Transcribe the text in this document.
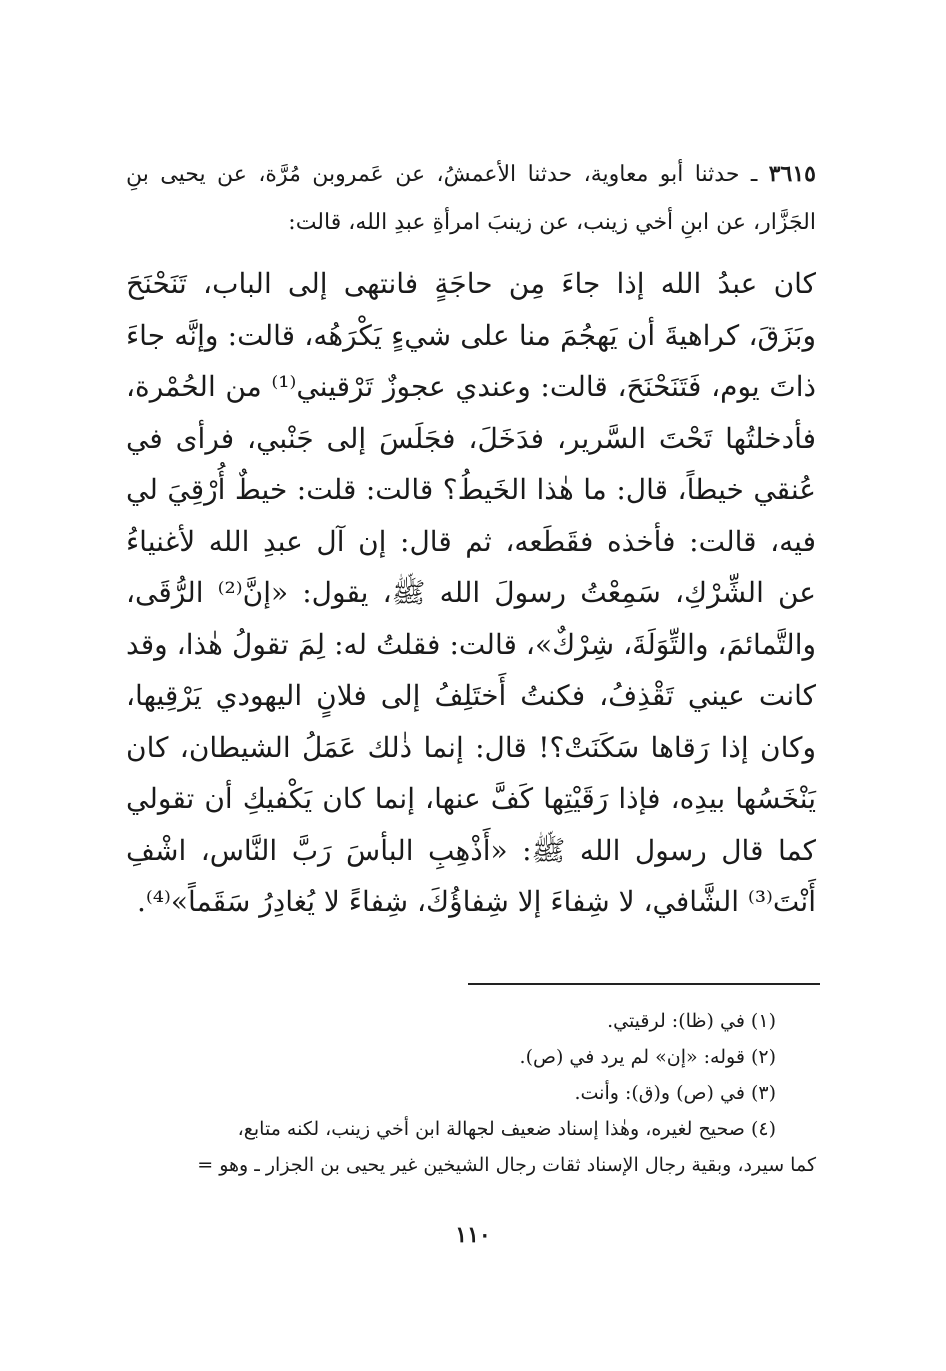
٣٦١٥ ـ حدثنا أبو معاوية، حدثنا الأعمشُ، عن عَمروبن مُرَّة، عن يحيى بنِ الجَزَّار، عن ابنِ أخي زينب، عن زينبَ امرأةِ عبدِ الله، قالت:

كان عبدُ الله إذا جاءَ مِن حاجَةٍ فانتهى إلى الباب، تَنَحْنَحَ وبَزَقَ، كراهيةَ أن يَهجُمَ منا على شيءٍ يَكْرَهُه، قالت: وإنَّه جاءَ ذاتَ يوم، فَتَنَحْنَحَ، قالت: وعندي عجوزٌ تَرْقيني⁽¹⁾ من الحُمْرة، فأدخلتُها تَحْتَ السَّرير، فدَخَلَ، فجَلَسَ إلى جَنْبي، فرأى في عُنقي خيطاً، قال: ما هٰذا الخَيطُ؟ قالت: قلت: خيطٌ أُرْقِيَ لي فيه، قالت: فأخذه فقَطَعه، ثم قال: إن آل عبدِ الله لأغنياءُ عن الشِّرْكِ، سَمِعْتُ رسولَ الله ﷺ، يقول: «إنَّ⁽²⁾ الرُّقَى، والتَّمائمَ، والتِّوَلَةَ، شِرْكٌ»، قالت: فقلتُ له: لِمَ تقولُ هٰذا، وقد كانت عيني تَقْذِفُ، فكنتُ أَختَلِفُ إلى فلانٍ اليهودي يَرْقِيها، وكان إذا رَقاها سَكَنَتْ؟! قال: إنما ذٰلك عَمَلُ الشيطان، كان يَنْخَسُها بيدِه، فإذا رَقَيْتِها كَفَّ عنها، إنما كان يَكْفيكِ أن تقولي كما قال رسول الله ﷺ: «أَذْهِبِ البأسَ رَبَّ النَّاس، اشْفِ أَنْتَ⁽³⁾ الشَّافي، لا شِفاءَ إلا شِفاؤُكَ، شِفاءً لا يُغادِرُ سَقَماً»⁽⁴⁾.

(١) في (ظا): لرقيتي.

(٢) قوله: «إن» لم يرد في (ص).

(٣) في (ص) و(ق): وأنت.

(٤) صحيح لغيره، وهٰذا إسناد ضعيف لجهالة ابن أخي زينب، لكنه متابع،

كما سيرد، وبقية رجال الإسناد ثقات رجال الشيخين غير يحيى بن الجزار ـ وهو =

١١٠
